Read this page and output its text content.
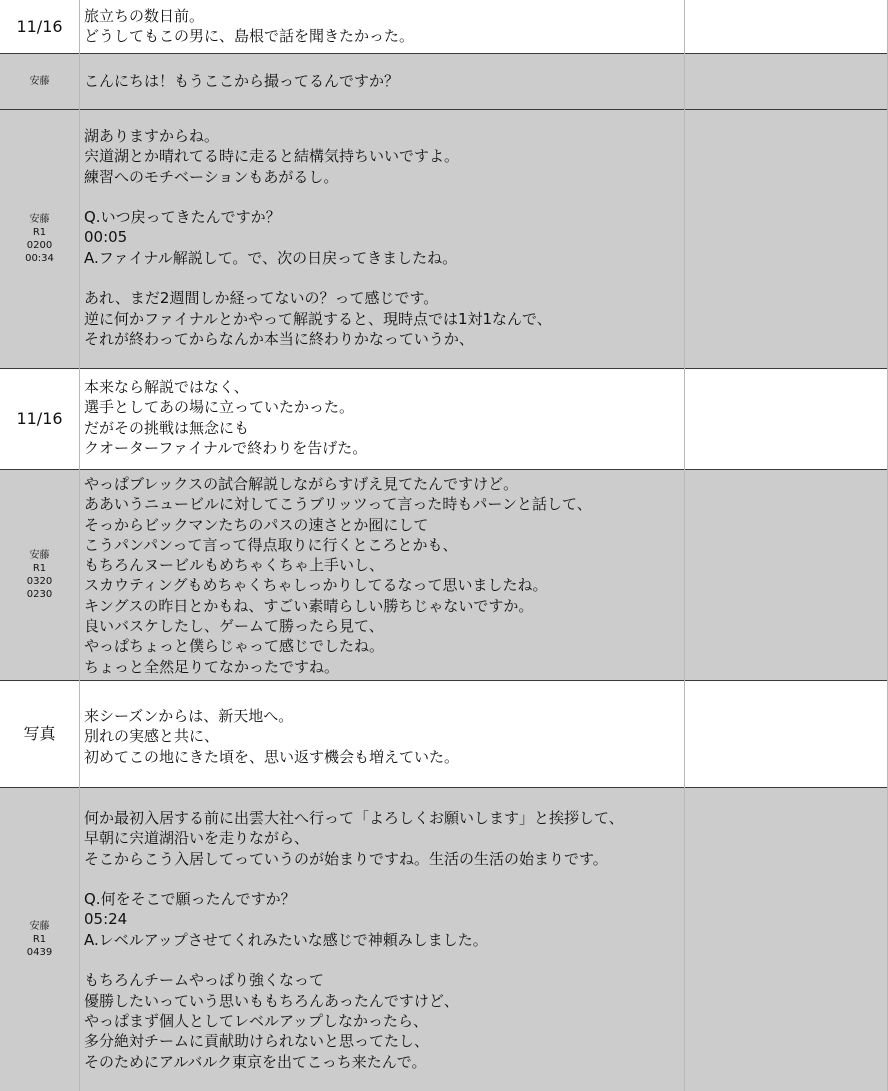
11/16
旅立ちの数日前。
どうしてもこの男に、島根で話を聞きたかった。
安藤	こんにちは！もうここから撮ってるんですか？
安藤
R1
0200
00:34
湖ありますからね。
宍道湖とか晴れてる時に走ると結構気持ちいいですよ。
練習へのモチベーションもあがるし。

Q.いつ戻ってきたんですか？
00:05
A.ファイナル解説して。で、次の日戻ってきましたね。

あれ、まだ2週間しか経ってないの？って感じです。
逆に何かファイナルとかやって解説すると、現時点では1対1なんで、
それが終わってからなんか本当に終わりかなっていうか、
11/16
本来なら解説ではなく、
選手としてあの場に立っていたかった。
だがその挑戦は無念にも
クオーターファイナルで終わりを告げた。
安藤
R1
0320
0230
やっぱブレックスの試合解説しながらすげえ見てたんですけど。
ああいうニュービルに対してこうブリッツって言った時もパーンと話して、
そっからビックマンたちのパスの速さとか囮にして
こうパンパンって言って得点取りに行くところとかも、
もちろんヌービルもめちゃくちゃ上手いし、
スカウティングもめちゃくちゃしっかりしてるなって思いましたね。
キングスの昨日とかもね、すごい素晴らしい勝ちじゃないですか。
良いバスケしたし、ゲームて勝ったら見て、
やっぱちょっと僕らじゃって感じでしたね。
ちょっと全然足りてなかったですね。
写真
来シーズンからは、新天地へ。
別れの実感と共に、
初めてこの地にきた頃を、思い返す機会も増えていた。
安藤
R1
0439
何か最初入居する前に出雲大社へ行って「よろしくお願いします」と挨拶して、
早朝に宍道湖沿いを走りながら、
そこからこう入居してっていうのが始まりですね。生活の生活の始まりです。

Q.何をそこで願ったんですか？
05:24
A.レベルアップさせてくれみたいな感じで神頼みしました。

もちろんチームやっぱり強くなって
優勝したいっていう思いももちろんあったんですけど、
やっぱまず個人としてレベルアップしなかったら、
多分絶対チームに貢献助けられないと思ってたし、
そのためにアルバルク東京を出てこっち来たんで。
